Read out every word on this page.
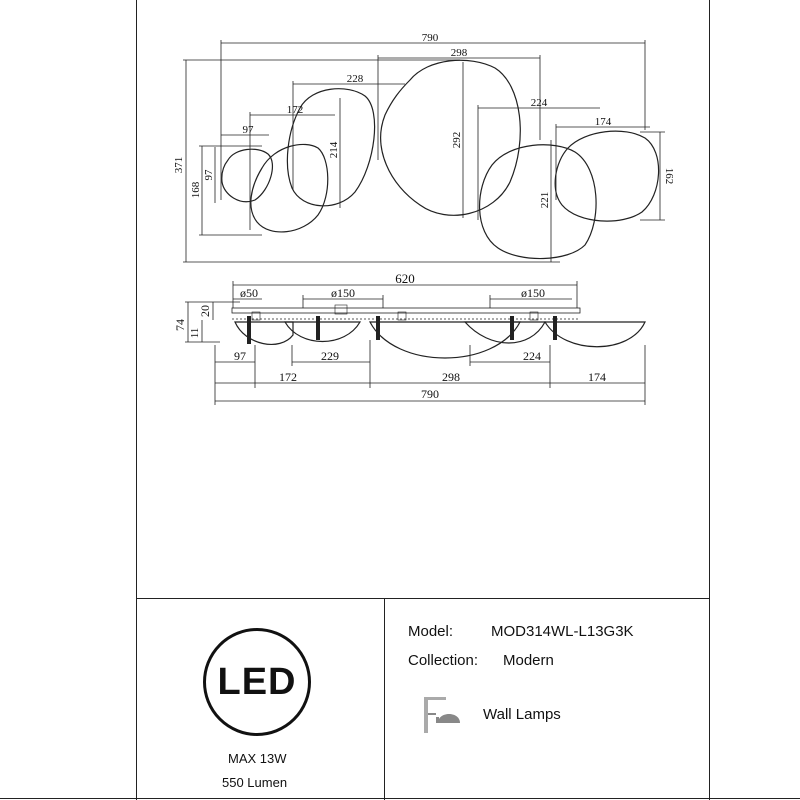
790
371
97
97
172
168
228
214
298
292
224
221
174
162
620
ø50	ø150	ø150
74
20
11
97	229	224
172	298	174
790
LED
MAX 13W
550 Lumen
Model:	MOD314WL-L13G3K
Collection: Modern
Wall Lamps
